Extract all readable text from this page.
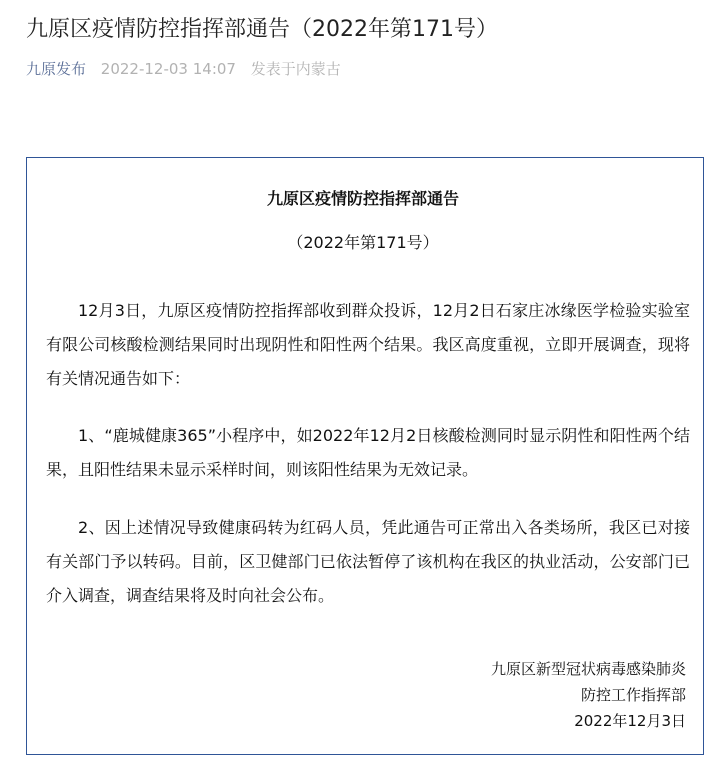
九原区疫情防控指挥部通告（2022年第171号）
九原发布 2022-12-03 14:07 发表于内蒙古
九原区疫情防控指挥部通告
（2022年第171号）

12月3日，九原区疫情防控指挥部收到群众投诉，12月2日石家庄冰缘医学检验实验室有限公司核酸检测结果同时出现阴性和阳性两个结果。我区高度重视，立即开展调查，现将有关情况通告如下：

1、“鹿城健康365”小程序中，如2022年12月2日核酸检测同时显示阴性和阳性两个结果，且阳性结果未显示采样时间，则该阳性结果为无效记录。

2、因上述情况导致健康码转为红码人员，凭此通告可正常出入各类场所，我区已对接有关部门予以转码。目前，区卫健部门已依法暂停了该机构在我区的执业活动，公安部门已介入调查，调查结果将及时向社会公布。

九原区新型冠状病毒感染肺炎
防控工作指挥部
2022年12月3日
